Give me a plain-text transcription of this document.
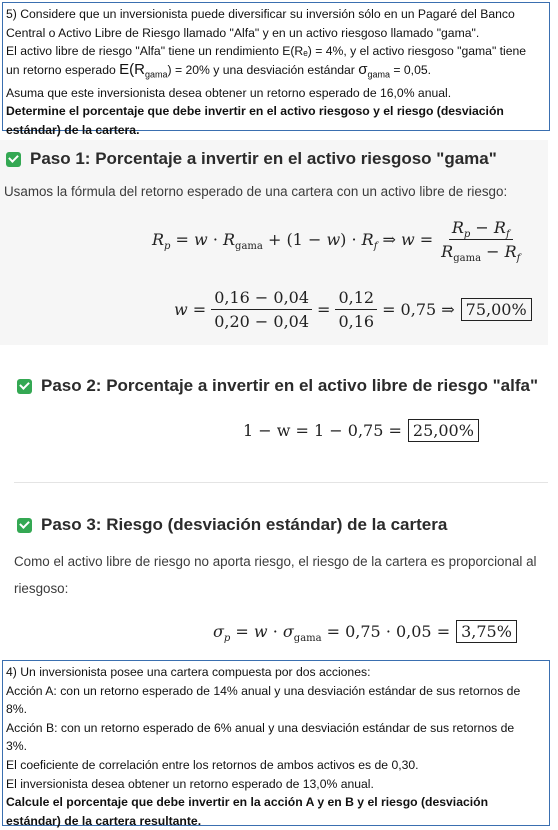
5) Considere que un inversionista puede diversificar su inversión sólo en un Pagaré del Banco

Central o Activo Libre de Riesgo llamado "Alfa" y en un activo riesgoso llamado "gama".

El activo libre de riesgo "Alfa" tiene un rendimiento E(Rₑ) = 4%, y el activo riesgoso "gama" tiene

un retorno esperado $E(R_{gama}) = 20\%$ y una desviación estándar $\sigma_{gama} = 0,05$.

Asuma que este inversionista desea obtener un retorno esperado de 16,0% anual.

Determine el porcentaje que debe invertir en el activo riesgoso y el riesgo (desviación estándar) de la cartera.

Paso 1: Porcentaje a invertir en el activo riesgoso "gama"
Usamos la fórmula del retorno esperado de una cartera con un activo libre de riesgo:
$R_p = w \cdot R_{gama} + (1 - w) \cdot R_f$ ⇒ $w = \frac{R_p - R_f}{R_{gama} - R_f}$
$w = \frac{0,16 - 0,04}{0,20 - 0,04} = \frac{0,12}{0,16} = 0,75$ ⇒ 75,00%
Paso 2: Porcentaje a invertir en el activo libre de riesgo "alfa"
1 − w = 1 − 0,75 = 25,00%
Paso 3: Riesgo (desviación estándar) de la cartera
Como el activo libre de riesgo no aporta riesgo, el riesgo de la cartera es proporcional al
riesgoso:
$\sigma_p = w \cdot \sigma_{gama} = 0,75 \cdot 0,05 = 3,75\%$

4) Un inversionista posee una cartera compuesta por dos acciones:

Acción A: con un retorno esperado de 14% anual y una desviación estándar de sus retornos de

8%.

Acción B: con un retorno esperado de 6% anual y una desviación estándar de sus retornos de

3%.

El coeficiente de correlación entre los retornos de ambos activos es de 0,30.

El inversionista desea obtener un retorno esperado de 13,0% anual.

Calcule el porcentaje que debe invertir en la acción A y en B y el riesgo (desviación estándar) de la cartera resultante.
